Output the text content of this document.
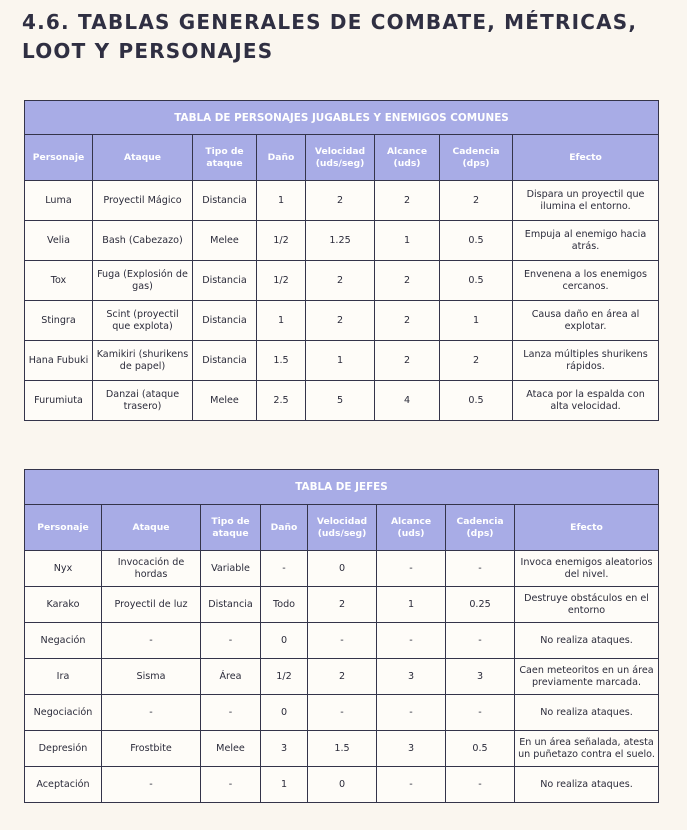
4.6. TABLAS GENERALES DE COMBATE, MÉTRICAS, LOOT Y PERSONAJES
TABLA DE PERSONAJES JUGABLES Y ENEMIGOS COMUNES							
Personaje	Ataque	Tipo de ataque	Daño	Velocidad (uds/seg)	Alcance (uds)	Cadencia (dps)	Efecto
Luma	Proyectil Mágico	Distancia	1	2	2	2	Dispara un proyectil que ilumina el entorno.
Velia	Bash (Cabezazo)	Melee	1/2	1.25	1	0.5	Empuja al enemigo hacia atrás.
Tox	Fuga (Explosión de gas)	Distancia	1/2	2	2	0.5	Envenena a los enemigos cercanos.
Stingra	Scint (proyectil que explota)	Distancia	1	2	2	1	Causa daño en área al explotar.
Hana Fubuki	Kamikiri (shurikens de papel)	Distancia	1.5	1	2	2	Lanza múltiples shurikens rápidos.
Furumiuta	Danzai (ataque trasero)	Melee	2.5	5	4	0.5	Ataca por la espalda con alta velocidad.
TABLA DE JEFES							
Personaje	Ataque	Tipo de ataque	Daño	Velocidad (uds/seg)	Alcance (uds)	Cadencia (dps)	Efecto
Nyx	Invocación de hordas	Variable	-	0	-	-	Invoca enemigos aleatorios del nivel.
Karako	Proyectil de luz	Distancia	Todo	2	1	0.25	Destruye obstáculos en el entorno
Negación	-	-	0	-	-	-	No realiza ataques.
Ira	Sisma	Área	1/2	2	3	3	Caen meteoritos en un área previamente marcada.
Negociación	-	-	0	-	-	-	No realiza ataques.
Depresión	Frostbite	Melee	3	1.5	3	0.5	En un área señalada, atesta un puñetazo contra el suelo.
Aceptación	-	-	1	0	-	-	No realiza ataques.
